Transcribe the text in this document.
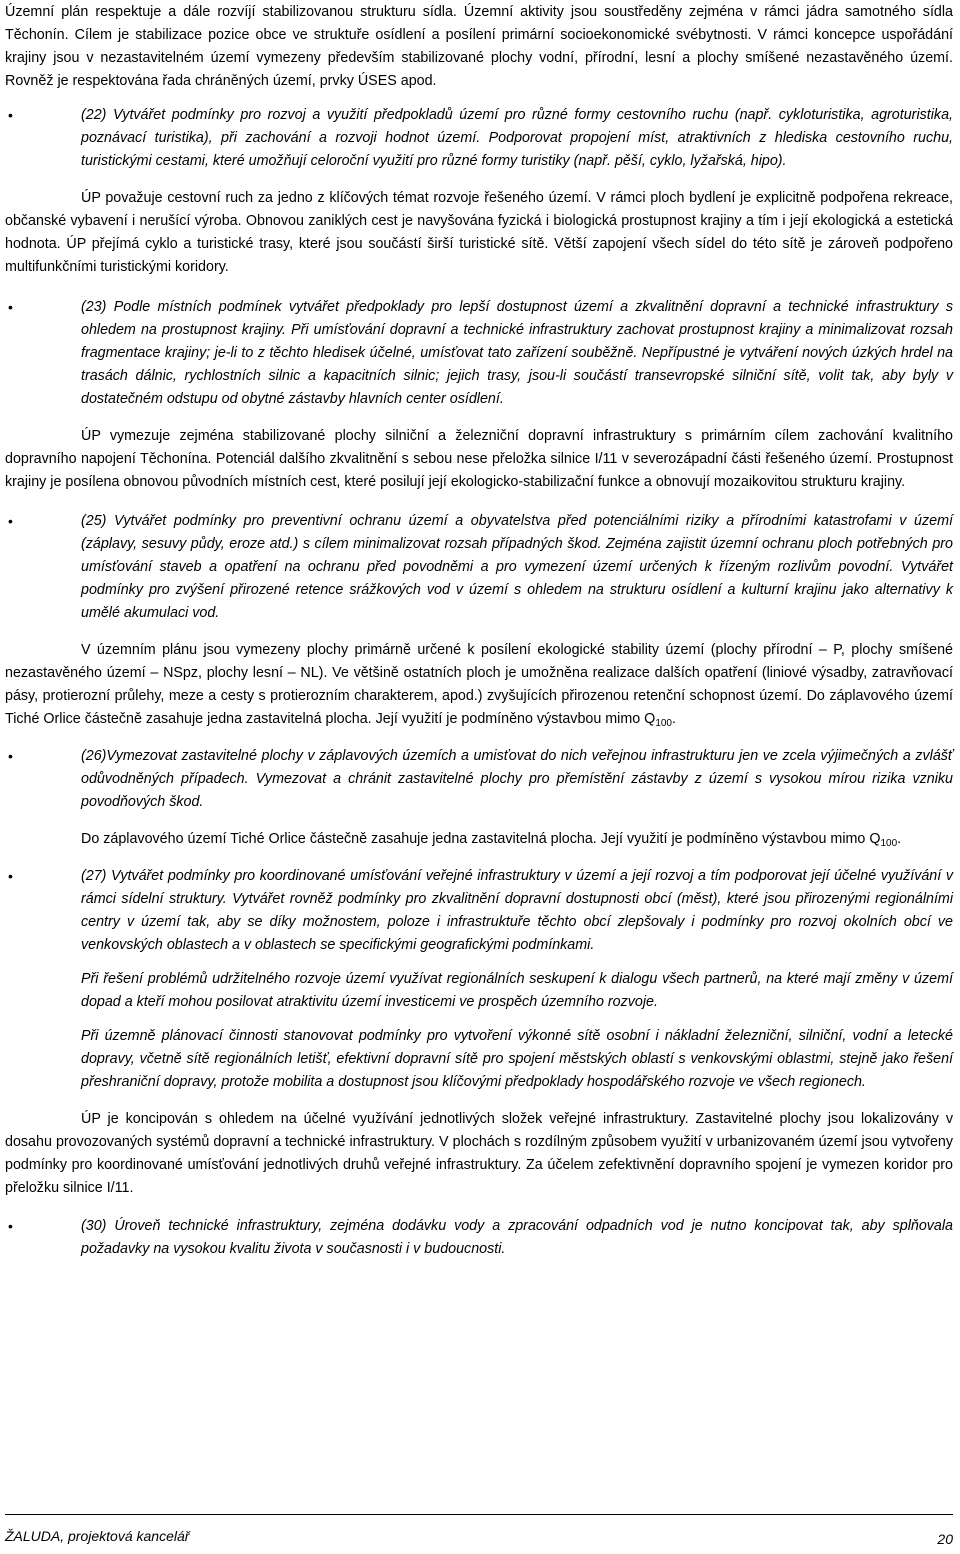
Územní plán respektuje a dále rozvíjí stabilizovanou strukturu sídla. Územní aktivity jsou soustředěny zejména v rámci jádra samotného sídla Těchonín. Cílem je stabilizace pozice obce ve struktuře osídlení a posílení primární socioekonomické svébytnosti. V rámci koncepce uspořádání krajiny jsou v nezastavitelném území vymezeny především stabilizované plochy vodní, přírodní, lesní a plochy smíšené nezastavěného území. Rovněž je respektována řada chráněných území, prvky ÚSES apod.

•	(22) Vytvářet podmínky pro rozvoj a využití předpokladů území pro různé formy cestovního ruchu (např. cykloturistika, agroturistika, poznávací turistika), při zachování a rozvoji hodnot území. Podporovat propojení míst, atraktivních z hlediska cestovního ruchu, turistickými cestami, které umožňují celoroční využití pro různé formy turistiky (např. pěší, cyklo, lyžařská, hipo).

ÚP považuje cestovní ruch za jedno z klíčových témat rozvoje řešeného území. V rámci ploch bydlení je explicitně podpořena rekreace, občanské vybavení i nerušící výroba. Obnovou zaniklých cest je navyšována fyzická i biologická prostupnost krajiny a tím i její ekologická a estetická hodnota. ÚP přejímá cyklo a turistické trasy, které jsou součástí širší turistické sítě. Větší zapojení všech sídel do této sítě je zároveň podpořeno multifunkčními turistickými koridory.

•	(23) Podle místních podmínek vytvářet předpoklady pro lepší dostupnost území a zkvalitnění dopravní a technické infrastruktury s ohledem na prostupnost krajiny. Při umísťování dopravní a technické infrastruktury zachovat prostupnost krajiny a minimalizovat rozsah fragmentace krajiny; je-li to z těchto hledisek účelné, umísťovat tato zařízení souběžně. Nepřípustné je vytváření nových úzkých hrdel na trasách dálnic, rychlostních silnic a kapacitních silnic; jejich trasy, jsou-li součástí transevropské silniční sítě, volit tak, aby byly v dostatečném odstupu od obytné zástavby hlavních center osídlení.

ÚP vymezuje zejména stabilizované plochy silniční a železniční dopravní infrastruktury s primárním cílem zachování kvalitního dopravního napojení Těchonína. Potenciál dalšího zkvalitnění s sebou nese přeložka silnice I/11 v severozápadní části řešeného území. Prostupnost krajiny je posílena obnovou původních místních cest, které posilují její ekologicko-stabilizační funkce a obnovují mozaikovitou strukturu krajiny.

•	(25) Vytvářet podmínky pro preventivní ochranu území a obyvatelstva před potenciálními riziky a přírodními katastrofami v území (záplavy, sesuvy půdy, eroze atd.) s cílem minimalizovat rozsah případných škod. Zejména zajistit územní ochranu ploch potřebných pro umísťování staveb a opatření na ochranu před povodněmi a pro vymezení území určených k řízeným rozlivům povodní. Vytvářet podmínky pro zvýšení přirozené retence srážkových vod v území s ohledem na strukturu osídlení a kulturní krajinu jako alternativy k umělé akumulaci vod.

V územním plánu jsou vymezeny plochy primárně určené k posílení ekologické stability území (plochy přírodní – P, plochy smíšené nezastavěného území – NSpz, plochy lesní – NL). Ve většině ostatních ploch je umožněna realizace dalších opatření (liniové výsadby, zatravňovací pásy, protierozní průlehy, meze a cesty s protierozním charakterem, apod.) zvyšujících přirozenou retenční schopnost území. Do záplavového území Tiché Orlice částečně zasahuje jedna zastavitelná plocha. Její využití je podmíněno výstavbou mimo $Q_{100}$.

•	(26)Vymezovat zastavitelné plochy v záplavových územích a umisťovat do nich veřejnou infrastrukturu jen ve zcela výjimečných a zvlášť odůvodněných případech. Vymezovat a chránit zastavitelné plochy pro přemístění zástavby z území s vysokou mírou rizika vzniku povodňových škod.

Do záplavového území Tiché Orlice částečně zasahuje jedna zastavitelná plocha. Její využití je podmíněno výstavbou mimo $Q_{100}$.

•	(27) Vytvářet podmínky pro koordinované umísťování veřejné infrastruktury v území a její rozvoj a tím podporovat její účelné využívání v rámci sídelní struktury. Vytvářet rovněž podmínky pro zkvalitnění dopravní dostupnosti obcí (měst), které jsou přirozenými regionálními centry v území tak, aby se díky možnostem, poloze i infrastruktuře těchto obcí zlepšovaly i podmínky pro rozvoj okolních obcí ve venkovských oblastech a v oblastech se specifickými geografickými podmínkami.

Při řešení problémů udržitelného rozvoje území využívat regionálních seskupení k dialogu všech partnerů, na které mají změny v území dopad a kteří mohou posilovat atraktivitu území investicemi ve prospěch územního rozvoje.

Při územně plánovací činnosti stanovovat podmínky pro vytvoření výkonné sítě osobní i nákladní železniční, silniční, vodní a letecké dopravy, včetně sítě regionálních letišť, efektivní dopravní sítě pro spojení městských oblastí s venkovskými oblastmi, stejně jako řešení přeshraniční dopravy, protože mobilita a dostupnost jsou klíčovými předpoklady hospodářského rozvoje ve všech regionech.

ÚP je koncipován s ohledem na účelné využívání jednotlivých složek veřejné infrastruktury. Zastavitelné plochy jsou lokalizovány v dosahu provozovaných systémů dopravní a technické infrastruktury. V plochách s rozdílným způsobem využití v urbanizovaném území jsou vytvořeny podmínky pro koordinované umísťování jednotlivých druhů veřejné infrastruktury. Za účelem zefektivnění dopravního spojení je vymezen koridor pro přeložku silnice I/11.

•	(30) Úroveň technické infrastruktury, zejména dodávku vody a zpracování odpadních vod je nutno koncipovat tak, aby splňovala požadavky na vysokou kvalitu života v současnosti i v budoucnosti.

ŽALUDA, projektová kancelář	20
